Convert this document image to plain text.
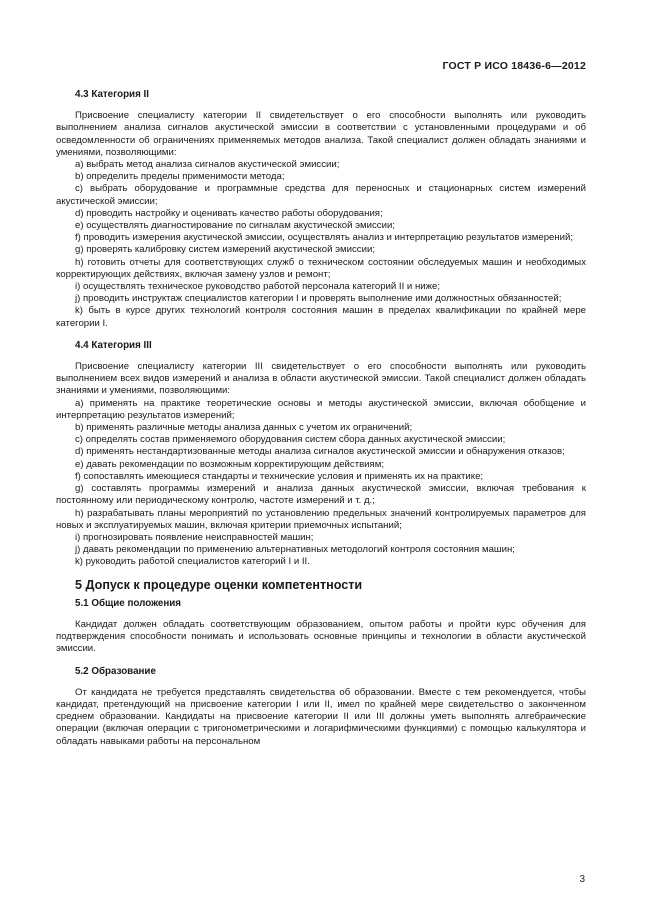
ГОСТ Р ИСО 18436-6—2012
4.3 Категория II

Присвоение специалисту категории II свидетельствует о его способности выполнять или руководить выполнением анализа сигналов акустической эмиссии в соответствии с установленными процедурами и об осведомленности об ограничениях применяемых методов анализа. Такой специалист должен обладать знаниями и умениями, позволяющими:

a) выбрать метод анализа сигналов акустической эмиссии;

b) определить пределы применимости метода;

c) выбрать оборудование и программные средства для переносных и стационарных систем измерений акустической эмиссии;

d) проводить настройку и оценивать качество работы оборудования;

e) осуществлять диагностирование по сигналам акустической эмиссии;

f) проводить измерения акустической эмиссии, осуществлять анализ и интерпретацию результатов измерений;

g) проверять калибровку систем измерений акустической эмиссии;

h) готовить отчеты для соответствующих служб о техническом состоянии обследуемых машин и необходимых корректирующих действиях, включая замену узлов и ремонт;

i) осуществлять техническое руководство работой персонала категорий II и ниже;

j) проводить инструктаж специалистов категории I и проверять выполнение ими должностных обязанностей;

k) быть в курсе других технологий контроля состояния машин в пределах квалификации по крайней мере категории I.

4.4 Категория III

Присвоение специалисту категории III свидетельствует о его способности выполнять или руководить выполнением всех видов измерений и анализа в области акустической эмиссии. Такой специалист должен обладать знаниями и умениями, позволяющими:

a) применять на практике теоретические основы и методы акустической эмиссии, включая обобщение и интерпретацию результатов измерений;

b) применять различные методы анализа данных с учетом их ограничений;

c) определять состав применяемого оборудования систем сбора данных акустической эмиссии;

d) применять нестандартизованные методы анализа сигналов акустической эмиссии и обнаружения отказов;

e) давать рекомендации по возможным корректирующим действиям;

f) сопоставлять имеющиеся стандарты и технические условия и применять их на практике;

g) составлять программы измерений и анализа данных акустической эмиссии, включая требования к постоянному или периодическому контролю, частоте измерений и т. д.;

h) разрабатывать планы мероприятий по установлению предельных значений контролируемых параметров для новых и эксплуатируемых машин, включая критерии приемочных испытаний;

i) прогнозировать появление неисправностей машин;

j) давать рекомендации по применению альтернативных методологий контроля состояния машин;

k) руководить работой специалистов категорий I и II.

5 Допуск к процедуре оценки компетентности
5.1 Общие положения

Кандидат должен обладать соответствующим образованием, опытом работы и пройти курс обучения для подтверждения способности понимать и использовать основные принципы и технологии в области акустической эмиссии.

5.2 Образование

От кандидата не требуется представлять свидетельства об образовании. Вместе с тем рекомендуется, чтобы кандидат, претендующий на присвоение категории I или II, имел по крайней мере свидетельство о законченном среднем образовании. Кандидаты на присвоение категории II или III должны уметь выполнять алгебраические операции (включая операции с тригонометрическими и логарифмическими функциями) с помощью калькулятора и обладать навыками работы на персональном

3
